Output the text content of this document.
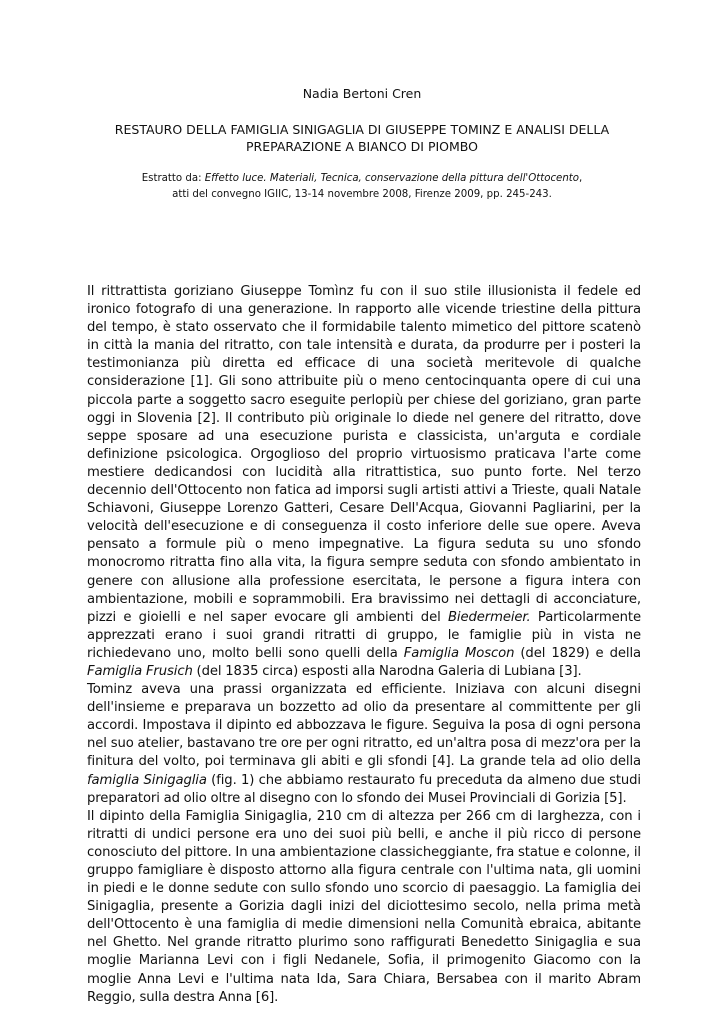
Nadia Bertoni Cren
RESTAURO DELLA FAMIGLIA SINIGAGLIA DI GIUSEPPE TOMINZ E ANALISI DELLA
PREPARAZIONE A BIANCO DI PIOMBO
Estratto da: Effetto luce. Materiali, Tecnica, conservazione della pittura dell'Ottocento,
atti del convegno IGIIC, 13-14 novembre 2008, Firenze 2009, pp. 245-243.

Il rittrattista goriziano Giuseppe Tomìnz fu con il suo stile illusionista il fedele ed ironico fotografo di una generazione. In rapporto alle vicende triestine della pittura del tempo, è stato osservato che il formidabile talento mimetico del pittore scatenò in città la mania del ritratto, con tale intensità e durata, da produrre per i posteri la testimonianza più diretta ed efficace di una società meritevole di qualche considerazione [1]. Gli sono attribuite più o meno centocinquanta opere di cui una piccola parte a soggetto sacro eseguite perlopiù per chiese del goriziano, gran parte oggi in Slovenia [2]. Il contributo più originale lo diede nel genere del ritratto, dove seppe sposare ad una esecuzione purista e classicista, un'arguta e cordiale definizione psicologica. Orgoglioso del proprio virtuosismo praticava l'arte come mestiere dedicandosi con lucidità alla ritrattistica, suo punto forte. Nel terzo decennio dell'Ottocento non fatica ad imporsi sugli artisti attivi a Trieste, quali Natale Schiavoni, Giuseppe Lorenzo Gatteri, Cesare Dell'Acqua, Giovanni Pagliarini, per la velocità dell'esecuzione e di conseguenza il costo inferiore delle sue opere. Aveva pensato a formule più o meno impegnative. La figura seduta su uno sfondo monocromo ritratta fino alla vita, la figura sempre seduta con sfondo ambientato in genere con allusione alla professione esercitata, le persone a figura intera con ambientazione, mobili e soprammobili. Era bravissimo nei dettagli di acconciature, pizzi e gioielli e nel saper evocare gli ambienti del Biedermeier. Particolarmente apprezzati erano i suoi grandi ritratti di gruppo, le famiglie più in vista ne richiedevano uno, molto belli sono quelli della Famiglia Moscon (del 1829) e della Famiglia Frusich (del 1835 circa) esposti alla Narodna Galeria di Lubiana [3].

Tominz aveva una prassi organizzata ed efficiente. Iniziava con alcuni disegni dell'insieme e preparava un bozzetto ad olio da presentare al committente per gli accordi. Impostava il dipinto ed abbozzava le figure. Seguiva la posa di ogni persona nel suo atelier, bastavano tre ore per ogni ritratto, ed un'altra posa di mezz'ora per la finitura del volto, poi terminava gli abiti e gli sfondi [4]. La grande tela ad olio della famiglia Sinigaglia (fig. 1) che abbiamo restaurato fu preceduta da almeno due studi preparatori ad olio oltre al disegno con lo sfondo dei Musei Provinciali di Gorizia [5].

Il dipinto della Famiglia Sinigaglia, 210 cm di altezza per 266 cm di larghezza, con i ritratti di undici persone era uno dei suoi più belli, e anche il più ricco di persone conosciuto del pittore. In una ambientazione classicheggiante, fra statue e colonne, il gruppo famigliare è disposto attorno alla figura centrale con l'ultima nata, gli uomini in piedi e le donne sedute con sullo sfondo uno scorcio di paesaggio. La famiglia dei Sinigaglia, presente a Gorizia dagli inizi del diciottesimo secolo, nella prima metà dell'Ottocento è una famiglia di medie dimensioni nella Comunità ebraica, abitante nel Ghetto. Nel grande ritratto plurimo sono raffigurati Benedetto Sinigaglia e sua moglie Marianna Levi con i figli Nedanele, Sofia, il primogenito Giacomo con la moglie Anna Levi e l'ultima nata Ida, Sara Chiara, Bersabea con il marito Abram Reggio, sulla destra Anna [6].
